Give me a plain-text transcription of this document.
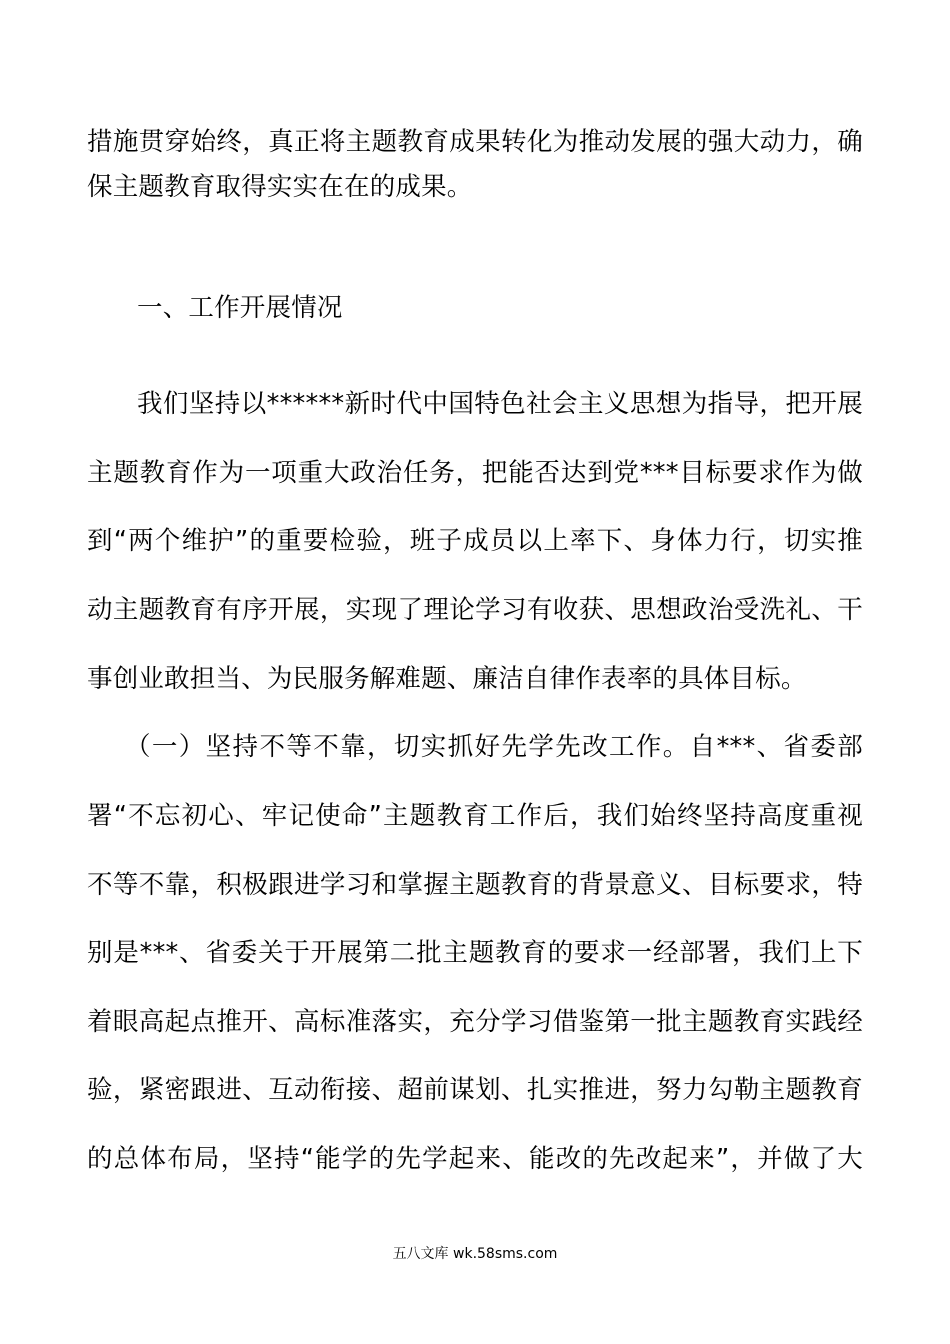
措施贯穿始终，真正将主题教育成果转化为推动发展的强大动力，确
保主题教育取得实实在在的成果。
一、工作开展情况
我们坚持以******新时代中国特色社会主义思想为指导，把开展
主题教育作为一项重大政治任务，把能否达到党***目标要求作为做
到“两个维护”的重要检验，班子成员以上率下、身体力行，切实推
动主题教育有序开展，实现了理论学习有收获、思想政治受洗礼、干
事创业敢担当、为民服务解难题、廉洁自律作表率的具体目标。
（一）坚持不等不靠，切实抓好先学先改工作。自***、省委部
署“不忘初心、牢记使命”主题教育工作后，我们始终坚持高度重视
不等不靠，积极跟进学习和掌握主题教育的背景意义、目标要求，特
别是***、省委关于开展第二批主题教育的要求一经部署，我们上下
着眼高起点推开、高标准落实，充分学习借鉴第一批主题教育实践经
验，紧密跟进、互动衔接、超前谋划、扎实推进，努力勾勒主题教育
的总体布局，坚持“能学的先学起来、能改的先改起来”，并做了大
五八文库 wk.58sms.com
